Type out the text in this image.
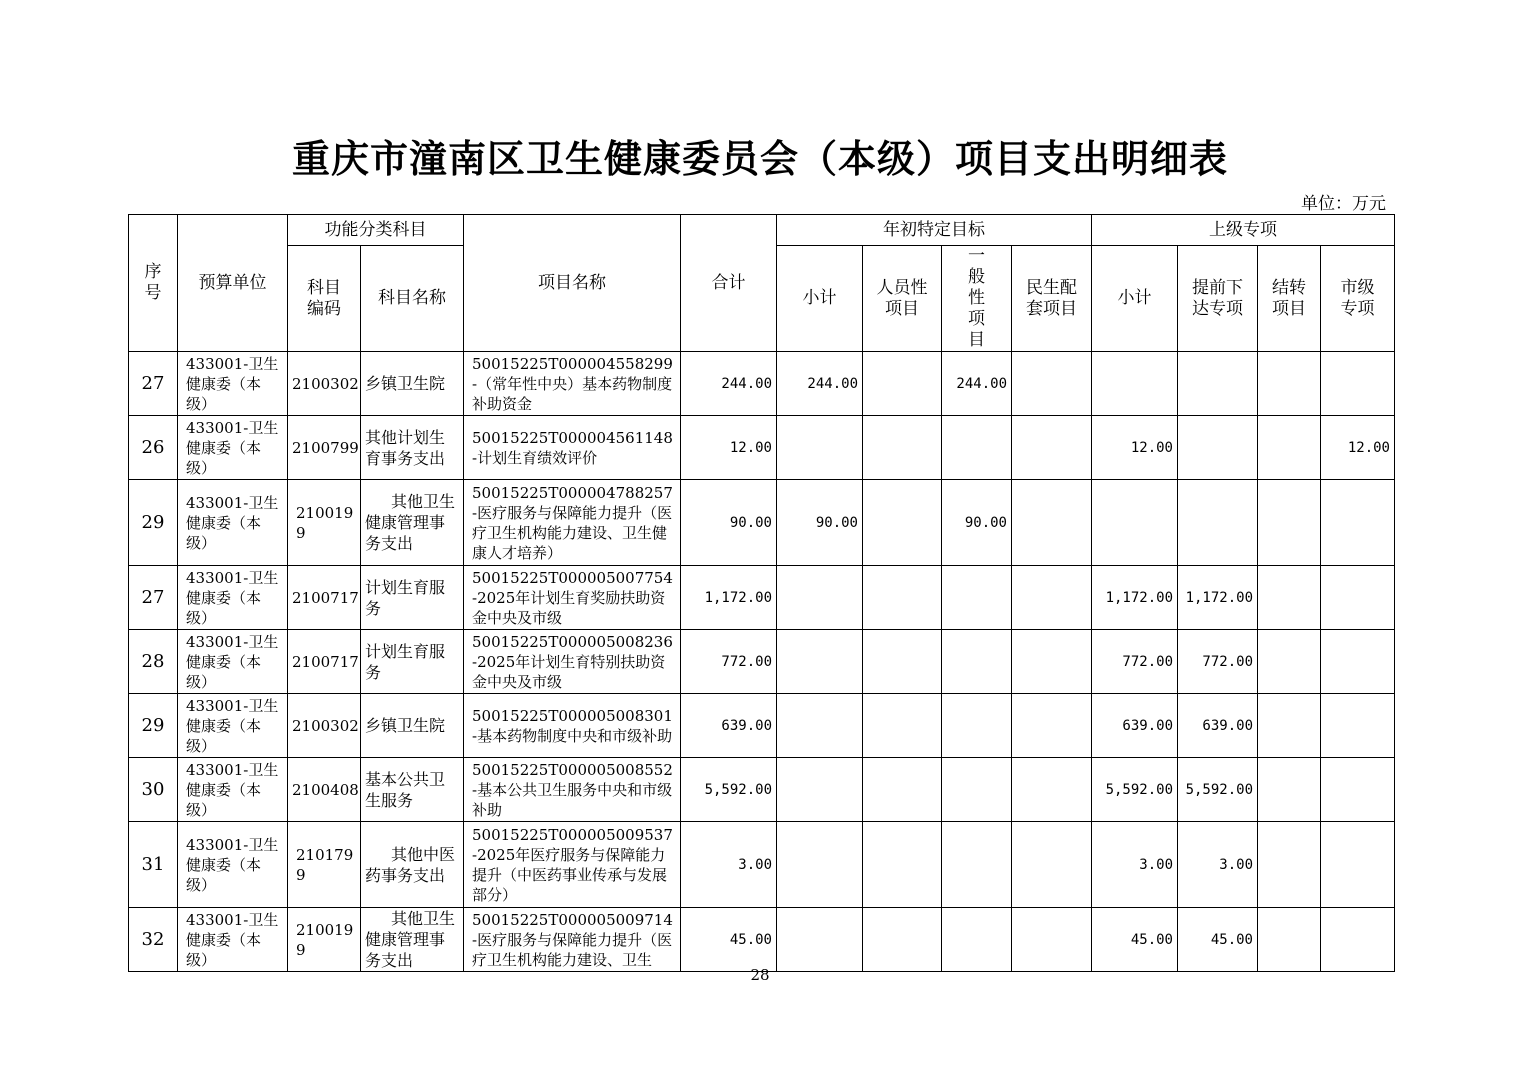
重庆市潼南区卫生健康委员会（本级）项目支出明细表
单位：万元
序号	预算单位	功能分类科目		项目名称	合计	年初特定目标				上级专项			
		科目编码	科目名称			小计	人员性项目	一般性项目	民生配套项目	小计	提前下达专项	结转项目	市级专项
27	433001-卫生健康委（本级）	2100302	乡镇卫生院	50015225T000004558299-（常年性中央）基本药物制度补助资金	244.00	244.00		244.00					
26	433001-卫生健康委（本级）	2100799	其他计划生育事务支出	50015225T000004561148-计划生育绩效评价	12.00					12.00			12.00
29	433001-卫生健康委（本级）	2100199	其他卫生健康管理事务支出	50015225T000004788257-医疗服务与保障能力提升（医疗卫生机构能力建设、卫生健康人才培养）	90.00	90.00		90.00					
27	433001-卫生健康委（本级）	2100717	计划生育服务	50015225T000005007754-2025年计划生育奖励扶助资金中央及市级	1,172.00					1,172.00	1,172.00		
28	433001-卫生健康委（本级）	2100717	计划生育服务	50015225T000005008236-2025年计划生育特别扶助资金中央及市级	772.00					772.00	772.00		
29	433001-卫生健康委（本级）	2100302	乡镇卫生院	50015225T000005008301-基本药物制度中央和市级补助	639.00					639.00	639.00		
30	433001-卫生健康委（本级）	2100408	基本公共卫生服务	50015225T000005008552-基本公共卫生服务中央和市级补助	5,592.00					5,592.00	5,592.00		
31	433001-卫生健康委（本级）	2101799	其他中医药事务支出	50015225T000005009537-2025年医疗服务与保障能力提升（中医药事业传承与发展部分）	3.00					3.00	3.00		
32	433001-卫生健康委（本级）	2100199	其他卫生健康管理事务支出	50015225T000005009714-医疗服务与保障能力提升（医疗卫生机构能力建设、卫生	45.00					45.00	45.00		
28
